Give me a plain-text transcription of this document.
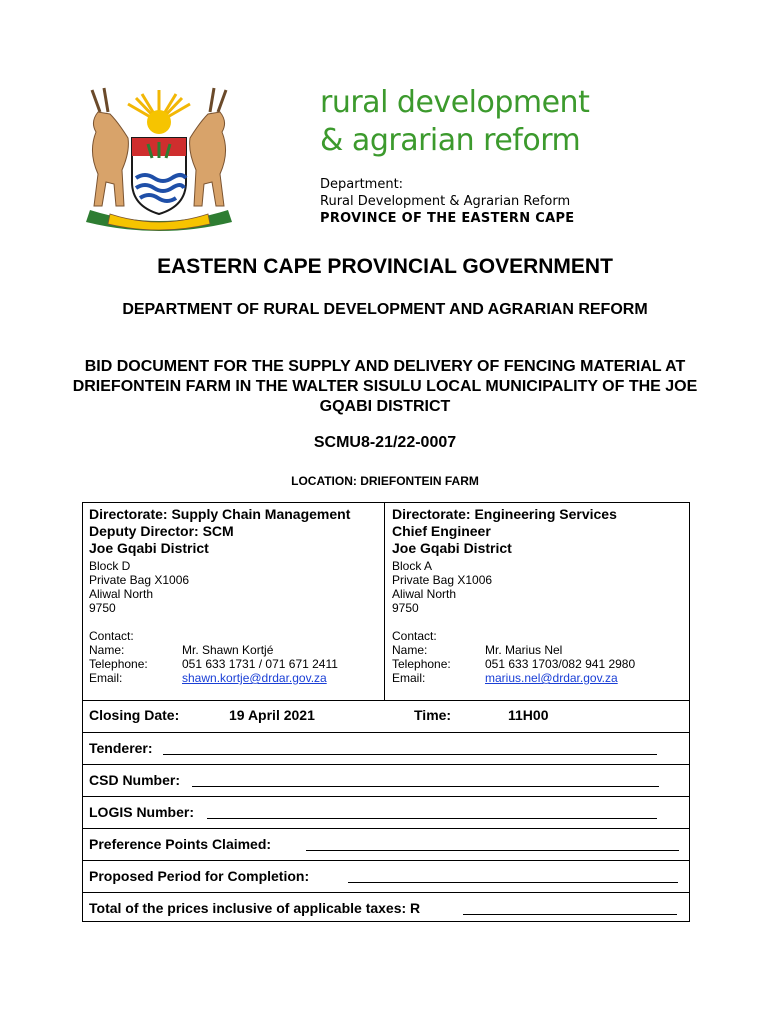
rural development
& agrarian reform
Department:
Rural Development & Agrarian Reform
PROVINCE OF THE EASTERN CAPE
EASTERN CAPE PROVINCIAL GOVERNMENT
DEPARTMENT OF RURAL DEVELOPMENT AND AGRARIAN REFORM
BID DOCUMENT FOR THE SUPPLY AND DELIVERY OF FENCING MATERIAL AT DRIEFONTEIN FARM IN THE WALTER SISULU LOCAL MUNICIPALITY OF THE JOE GQABI DISTRICT
SCMU8-21/22-0007
LOCATION: DRIEFONTEIN FARM
Directorate: Supply Chain Management
Deputy Director: SCM
Joe Gqabi District
Block D
Private Bag X1006
Aliwal North
9750
Contact:
Name:	Mr. Shawn Kortjé
Telephone:	051 633 1731 / 071 671 2411
Email:	shawn.kortje@drdar.gov.za
Directorate: Engineering Services
Chief Engineer
Joe Gqabi District
Block A
Private Bag X1006
Aliwal North
9750
Contact:
Name:	Mr. Marius Nel
Telephone:	051 633 1703/082 941 2980
Email:	marius.nel@drdar.gov.za
Closing Date:	19 April 2021	Time:	11H00
Tenderer:
CSD Number:
LOGIS Number:
Preference Points Claimed:
Proposed Period for Completion:
Total of the prices inclusive of applicable taxes: R
